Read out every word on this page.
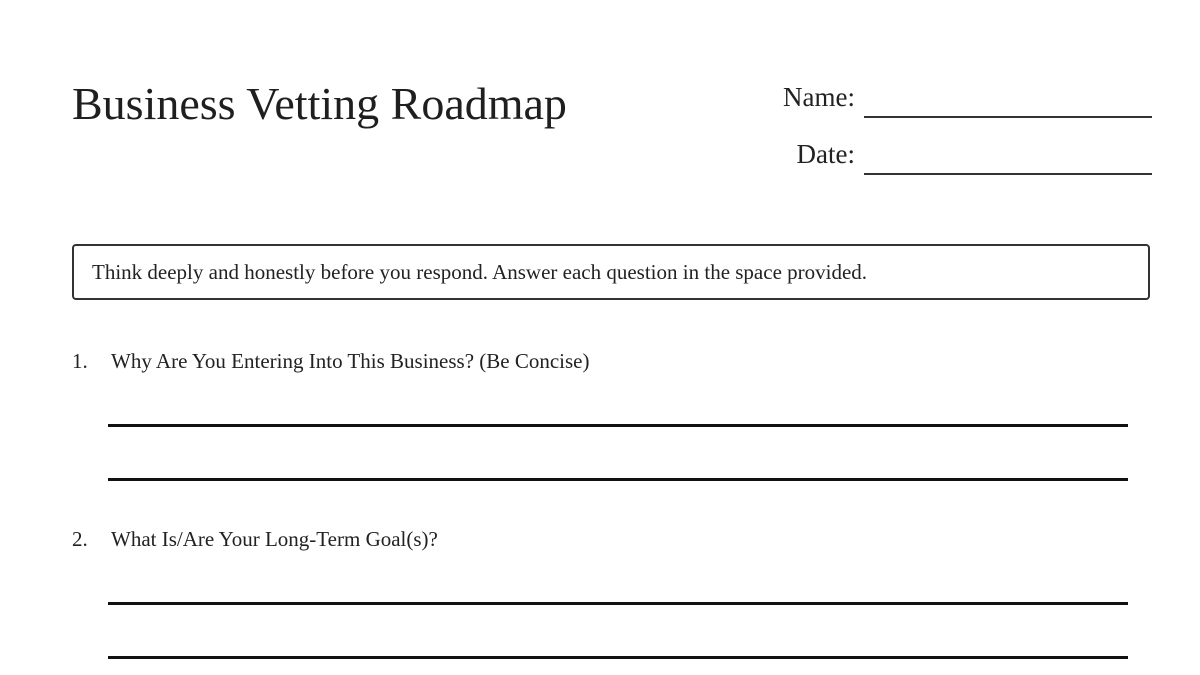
Business Vetting Roadmap	Name:
Date:
Think deeply and honestly before you respond. Answer each question in the space provided.
1. Why Are You Entering Into This Business? (Be Concise)
2. What Is/Are Your Long-Term Goal(s)?
